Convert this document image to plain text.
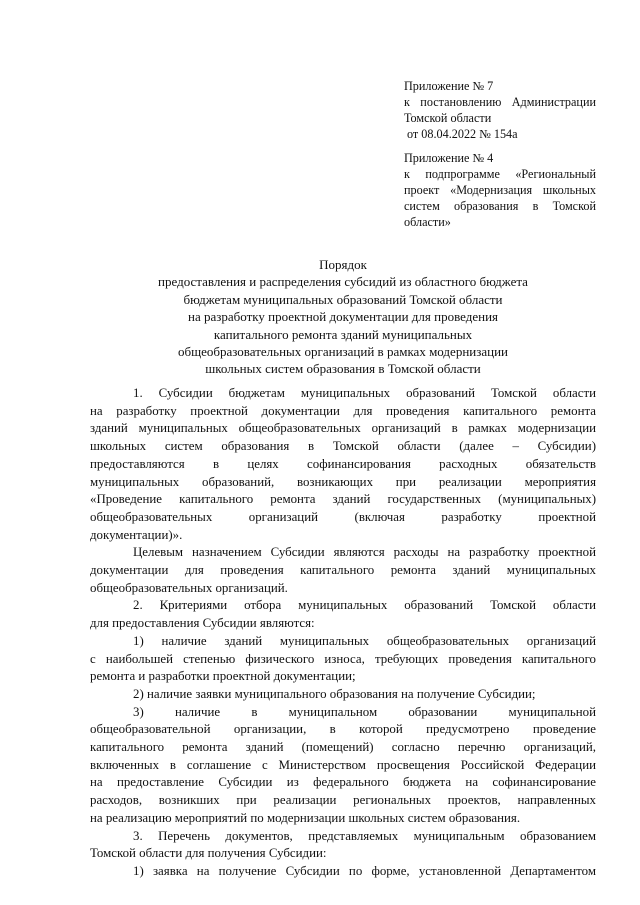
Приложение № 7
к постановлению Администрации
Томской области
от 08.04.2022 № 154а
Приложение № 4
к подпрограмме «Региональный
проект «Модернизация школьных
систем образования в Томской
области»
Порядок
предоставления и распределения субсидий из областного бюджета
бюджетам муниципальных образований Томской области
на разработку проектной документации для проведения
капитального ремонта зданий муниципальных
общеобразовательных организаций в рамках модернизации
школьных систем образования в Томской области
1. Субсидии бюджетам муниципальных образований Томской области
на разработку проектной документации для проведения капитального ремонта
зданий муниципальных общеобразовательных организаций в рамках модернизации
школьных систем образования в Томской области (далее – Субсидии)
предоставляются в целях софинансирования расходных обязательств
муниципальных образований, возникающих при реализации мероприятия
«Проведение капитального ремонта зданий государственных (муниципальных)
общеобразовательных организаций (включая разработку проектной
документации)».
Целевым назначением Субсидии являются расходы на разработку проектной
документации для проведения капитального ремонта зданий муниципальных
общеобразовательных организаций.
2. Критериями отбора муниципальных образований Томской области
для предоставления Субсидии являются:
1) наличие зданий муниципальных общеобразовательных организаций
с наибольшей степенью физического износа, требующих проведения капитального
ремонта и разработки проектной документации;
2) наличие заявки муниципального образования на получение Субсидии;
3) наличие в муниципальном образовании муниципальной
общеобразовательной организации, в которой предусмотрено проведение
капитального ремонта зданий (помещений) согласно перечню организаций,
включенных в соглашение с Министерством просвещения Российской Федерации
на предоставление Субсидии из федерального бюджета на софинансирование
расходов, возникших при реализации региональных проектов, направленных
на реализацию мероприятий по модернизации школьных систем образования.
3. Перечень документов, представляемых муниципальным образованием
Томской области для получения Субсидии:
1) заявка на получение Субсидии по форме, установленной Департаментом
